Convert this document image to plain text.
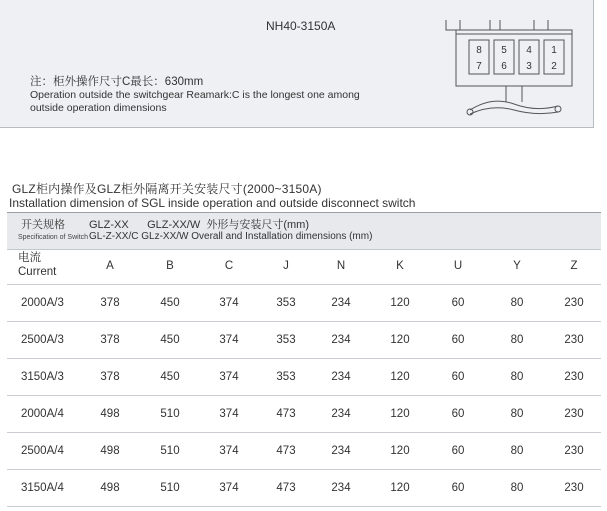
NH40-3150A
注：柜外操作尺寸C最长：630mm
Operation outside the switchgear Reamark:C is the longest one among outside operation dimensions
8
7
5
6
4
3
1
2
GLZ柜内操作及GLZ柜外隔离开关安装尺寸(2000~3150A)
Installation dimension of SGL inside operation and outside disconnect switch
开关规格 GLZ-XX      GLZ-XX/W  外形与安装尺寸(mm)
Specification of Switch GL-Z-XX/C GLz-XX/W Overall and Installation dimensions (mm)
电流
Current	A	B	C	J	N	K	U	Y	Z
2000A/3	378	450	374	353	234	120	60	80	230
2500A/3	378	450	374	353	234	120	60	80	230
3150A/3	378	450	374	353	234	120	60	80	230
2000A/4	498	510	374	473	234	120	60	80	230
2500A/4	498	510	374	473	234	120	60	80	230
3150A/4	498	510	374	473	234	120	60	80	230
